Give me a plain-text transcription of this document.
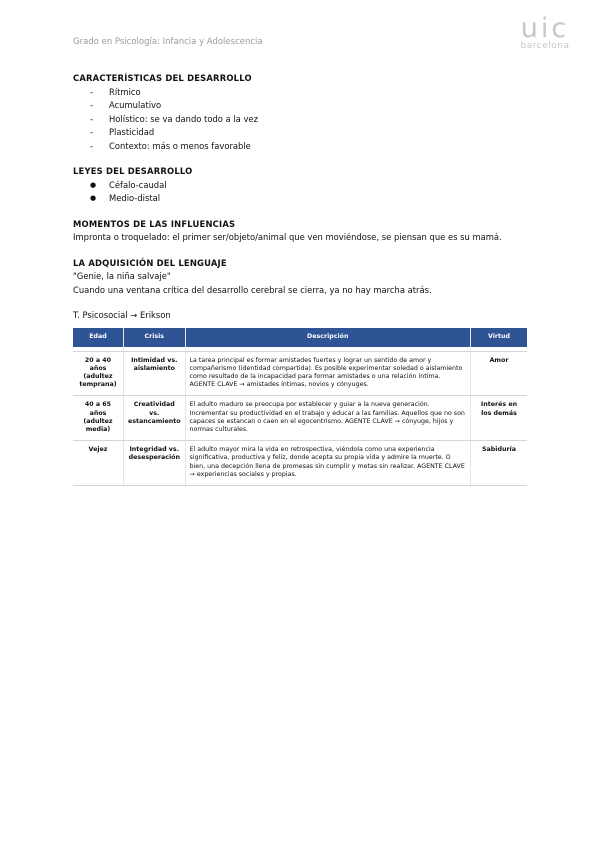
Grado en Psicología: Infancia y Adolescencia	uic
barcelona

CARACTERÍSTICAS DEL DESARROLLO

- Rítmico
- Acumulativo
- Holístico: se va dando todo a la vez
- Plasticidad
- Contexto: más o menos favorable

LEYES DEL DESARROLLO

● Céfalo-caudal
● Medio-distal

MOMENTOS DE LAS INFLUENCIAS

Impronta o troquelado: el primer ser/objeto/animal que ven moviéndose, se piensan que es su mamá.

LA ADQUISICIÓN DEL LENGUAJE

"Genie, la niña salvaje"

Cuando una ventana crítica del desarrollo cerebral se cierra, ya no hay marcha atrás.

T. Psicosocial → Erikson

Edad	Crisis	Descripción	Virtud

20 a 40 años (adultez temprana)	Intimidad vs. aislamiento	La tarea principal es formar amistades fuertes y lograr un sentido de amor y compañerismo (identidad compartida). Es posible experimentar soledad o aislamiento como resultado de la incapacidad para formar amistades o una relación íntima. AGENTE CLAVE → amistades íntimas, novios y cónyuges.	Amor
40 a 65 años (adultez media)	Creatividad vs. estancamiento	El adulto maduro se preocupa por establecer y guiar a la nueva generación. Incrementar su productividad en el trabajo y educar a las familias. Aquellos que no son capaces se estancan o caen en el egocentrismo. AGENTE CLAVE → cónyuge, hijos y normas culturales.	Interés en los demás
Vejez	Integridad vs. desesperación	El adulto mayor mira la vida en retrospectiva, viéndola como una experiencia significativa, productiva y feliz, donde acepta su propia vida y admire la muerte. O bien, una decepción llena de promesas sin cumplir y metas sin realizar. AGENTE CLAVE → experiencias sociales y propias.	Sabiduría
